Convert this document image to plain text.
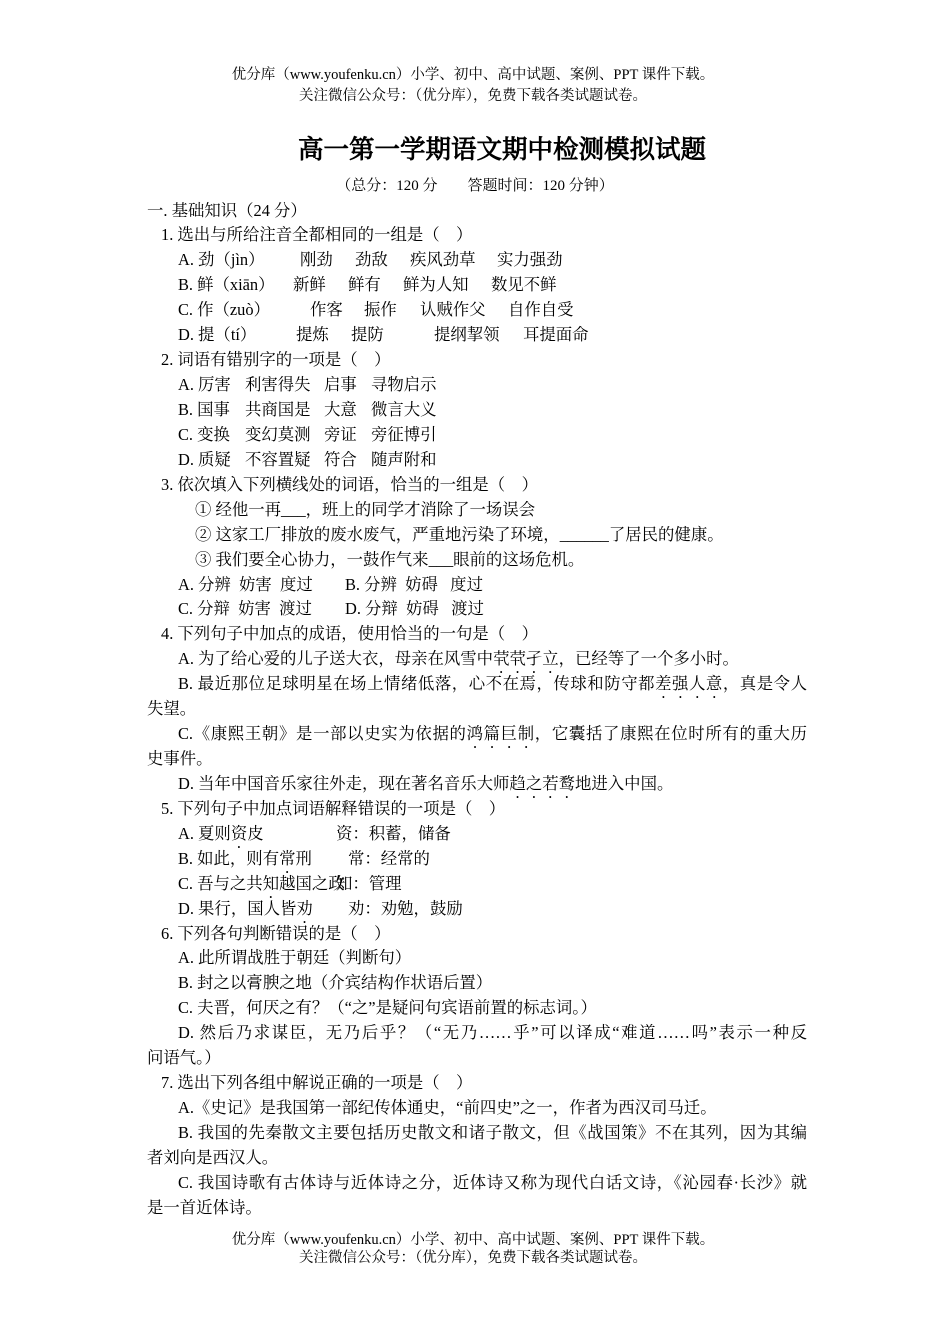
优分库（www.youfenku.cn）小学、初中、高中试题、案例、PPT 课件下载。
关注微信公众号：（优分库），免费下载各类试题试卷。
高一第一学期语文期中检测模拟试题
（总分：120 分        答题时间：120 分钟）
一. 基础知识（24 分）
1. 选出与所给注音全都相同的一组是（    ）
A. 劲（jìn） 刚劲 劲敌 疾风劲草 实力强劲
B. 鲜（xiān） 新鲜 鲜有 鲜为人知 数见不鲜
C. 作（zuò） 作客 振作 认贼作父 自作自受
D. 提（tí） 提炼 提防	提纲挈领 耳提面命
2. 词语有错别字的一项是（    ）
A. 厉害 利害得失 启事 寻物启示
B. 国事 共商国是 大意 微言大义
C. 变换 变幻莫测 旁证 旁征博引
D. 质疑 不容置疑 符合 随声附和
3. 依次填入下列横线处的词语，恰当的一组是（    ）
① 经他一再___，班上的同学才消除了一场误会
② 这家工厂排放的废水废气，严重地污染了环境，______了居民的健康。
③ 我们要全心协力，一鼓作气来___眼前的这场危机。
A. 分辨  妨害  度过 B. 分辨  妨碍   度过
C. 分辩  妨害  渡过 D. 分辩  妨碍   渡过
4. 下列句子中加点的成语，使用恰当的一句是（    ）
A. 为了给心爱的儿子送大衣，母亲在风雪中茕茕孑立，已经等了一个多小时。
B. 最近那位足球明星在场上情绪低落，心不在焉，传球和防守都差强人意，真是令人
失望。
C.《康熙王朝》是一部以史实为依据的鸿篇巨制，它囊括了康熙在位时所有的重大历
史事件。
D. 当年中国音乐家往外走，现在著名音乐大师趋之若鹜地进入中国。
5. 下列句子中加点词语解释错误的一项是（    ）
A. 夏则资皮	资：积蓄，储备
B. 如此，则有常刑 常：经常的
C. 吾与之共知越国之政
知：管理
D. 果行，国人皆劝 劝：劝勉，鼓励
6. 下列各句判断错误的是（    ）
A. 此所谓战胜于朝廷（判断句）
B. 封之以膏腴之地（介宾结构作状语后置）
C. 夫晋，何厌之有？（“之”是疑问句宾语前置的标志词。）
D. 然后乃求谋臣，无乃后乎？（“无乃……乎”可以译成“难道……吗”表示一种反
问语气。）
7. 选出下列各组中解说正确的一项是（    ）
A.《史记》是我国第一部纪传体通史，“前四史”之一，作者为西汉司马迁。
B. 我国的先秦散文主要包括历史散文和诸子散文，但《战国策》不在其列，因为其编
者刘向是西汉人。
C. 我国诗歌有古体诗与近体诗之分，近体诗又称为现代白话文诗，《沁园春·长沙》就
是一首近体诗。
优分库（www.youfenku.cn）小学、初中、高中试题、案例、PPT 课件下载。
关注微信公众号：（优分库），免费下载各类试题试卷。
